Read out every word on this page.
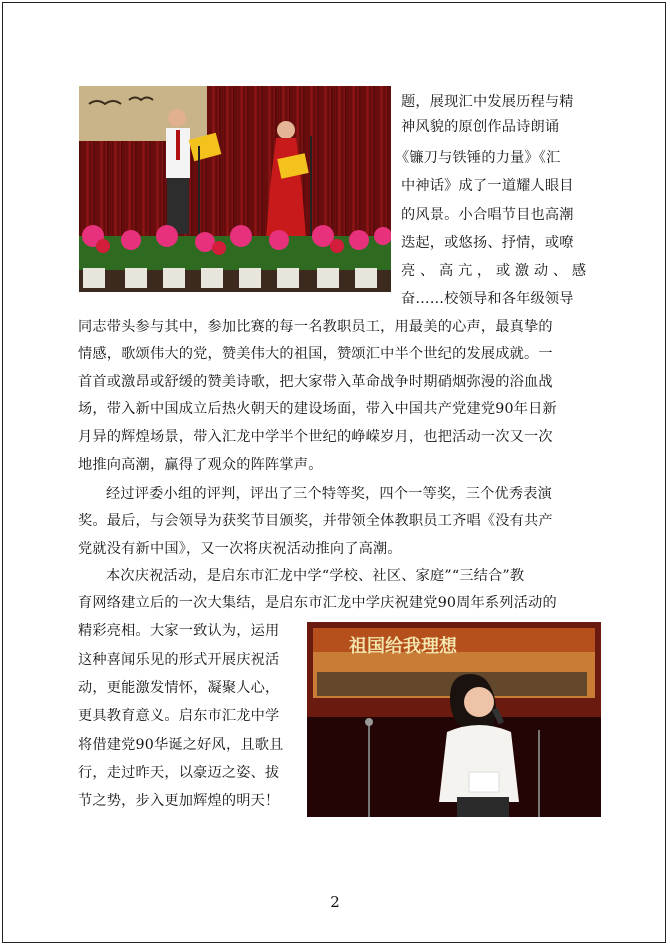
祖国给我理想
题，展现汇中发展历程与精
神风貌的原创作品诗朗诵
《镰刀与铁锤的力量》《汇
中神话》成了一道耀人眼目
的风景。小合唱节目也高潮
迭起，或悠扬、抒情，或嘹
亮、高亢，或激动、感
奋……校领导和各年级领导
同志带头参与其中，参加比赛的每一名教职员工，用最美的心声，最真挚的
情感，歌颂伟大的党，赞美伟大的祖国，赞颂汇中半个世纪的发展成就。一
首首或激昂或舒缓的赞美诗歌，把大家带入革命战争时期硝烟弥漫的浴血战
场，带入新中国成立后热火朝天的建设场面，带入中国共产党建党90年日新
月异的辉煌场景，带入汇龙中学半个世纪的峥嵘岁月，也把活动一次又一次
地推向高潮，赢得了观众的阵阵掌声。
经过评委小组的评判，评出了三个特等奖，四个一等奖，三个优秀表演
奖。最后，与会领导为获奖节目颁奖，并带领全体教职员工齐唱《没有共产
党就没有新中国》，又一次将庆祝活动推向了高潮。
本次庆祝活动，是启东市汇龙中学“学校、社区、家庭”“三结合”教
育网络建立后的一次大集结，是启东市汇龙中学庆祝建党90周年系列活动的
精彩亮相。大家一致认为，运用
这种喜闻乐见的形式开展庆祝活
动，更能激发情怀，凝聚人心，
更具教育意义。启东市汇龙中学
将借建党90华诞之好风，且歌且
行，走过昨天，以豪迈之姿、拔
节之势，步入更加辉煌的明天！
2
